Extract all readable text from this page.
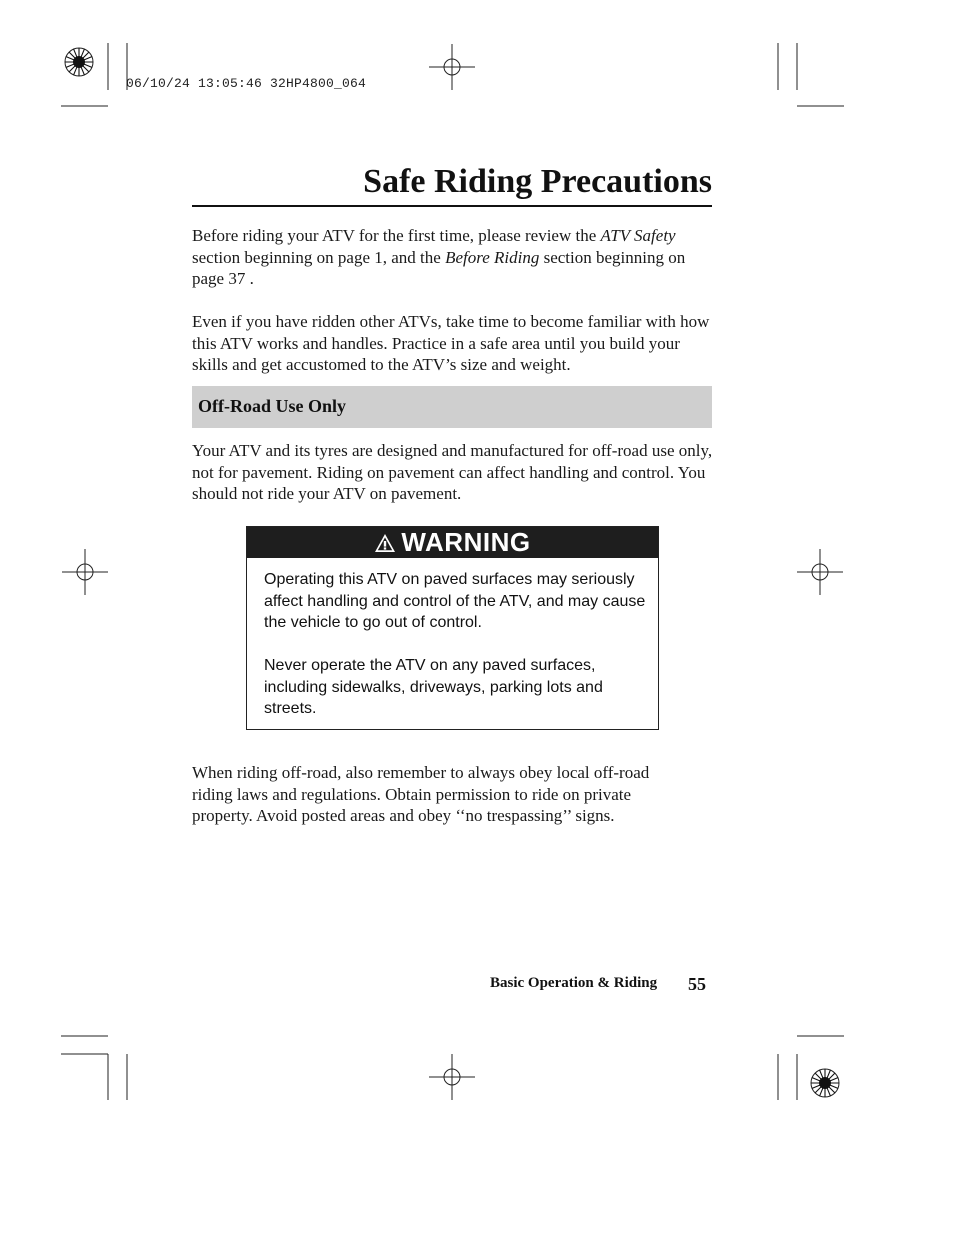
06/10/24 13:05:46 32HP4800_064
Safe Riding Precautions

Before riding your ATV for the first time, please review the ATV Safety section beginning on page 1, and the Before Riding section beginning on page 37 .

Even if you have ridden other ATVs, take time to become familiar with how this ATV works and handles. Practice in a safe area until you build your skills and get accustomed to the ATV’s size and weight.

Off-Road Use Only

Your ATV and its tyres are designed and manufactured for off-road use only, not for pavement. Riding on pavement can affect handling and control. You should not ride your ATV on pavement.

WARNING

Operating this ATV on paved surfaces may seriously affect handling and control of the ATV, and may cause the vehicle to go out of control.

Never operate the ATV on any paved surfaces, including sidewalks, driveways, parking lots and streets.

When riding off-road, also remember to always obey local off-road riding laws and regulations. Obtain permission to ride on private property. Avoid posted areas and obey ‘‘no trespassing’’ signs.

Basic Operation & Riding 55
